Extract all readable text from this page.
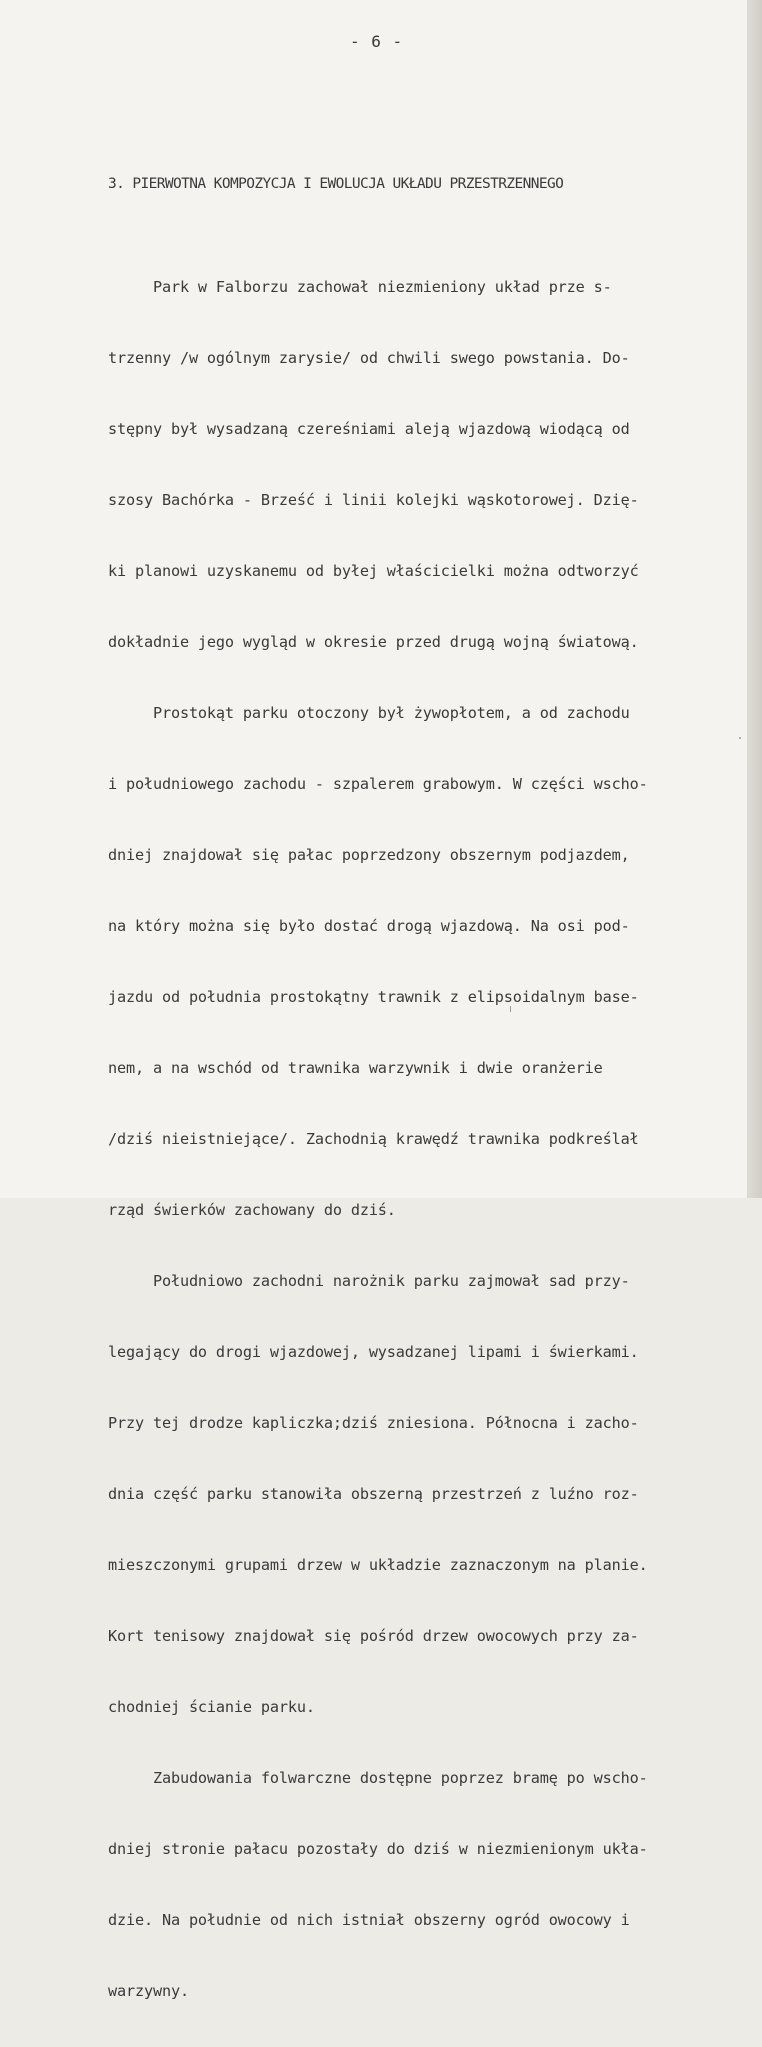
- 6 -
3. PIERWOTNA KOMPOZYCJA I EWOLUCJA UKŁADU PRZESTRZENNEGO

Park w Falborzu zachował niezmieniony układ prze s-

trzenny /w ogólnym zarysie/ od chwili swego powstania. Do-

stępny był wysadzaną czereśniami aleją wjazdową wiodącą od

szosy Bachórka - Brześć i linii kolejki wąskotorowej. Dzię-

ki planowi uzyskanemu od byłej właścicielki można odtworzyć

dokładnie jego wygląd w okresie przed drugą wojną światową.

Prostokąt parku otoczony był żywopłotem, a od zachodu

i południowego zachodu - szpalerem grabowym. W części wscho-

dniej znajdował się pałac poprzedzony obszernym podjazdem,

na który można się było dostać drogą wjazdową. Na osi pod-

jazdu od południa prostokątny trawnik z elipsoidalnym base-

nem, a na wschód od trawnika warzywnik i dwie oranżerie

/dziś nieistniejące/. Zachodnią krawędź trawnika podkreślał

rząd świerków zachowany do dziś.

Południowo zachodni narożnik parku zajmował sad przy-

legający do drogi wjazdowej, wysadzanej lipami i świerkami.

Przy tej drodze kapliczka;dziś zniesiona. Północna i zacho-

dnia część parku stanowiła obszerną przestrzeń z luźno roz-

mieszczonymi grupami drzew w układzie zaznaczonym na planie.

Kort tenisowy znajdował się pośród drzew owocowych przy za-

chodniej ścianie parku.

Zabudowania folwarczne dostępne poprzez bramę po wscho-

dniej stronie pałacu pozostały do dziś w niezmienionym ukła-

dzie. Na południe od nich istniał obszerny ogród owocowy i

warzywny.
